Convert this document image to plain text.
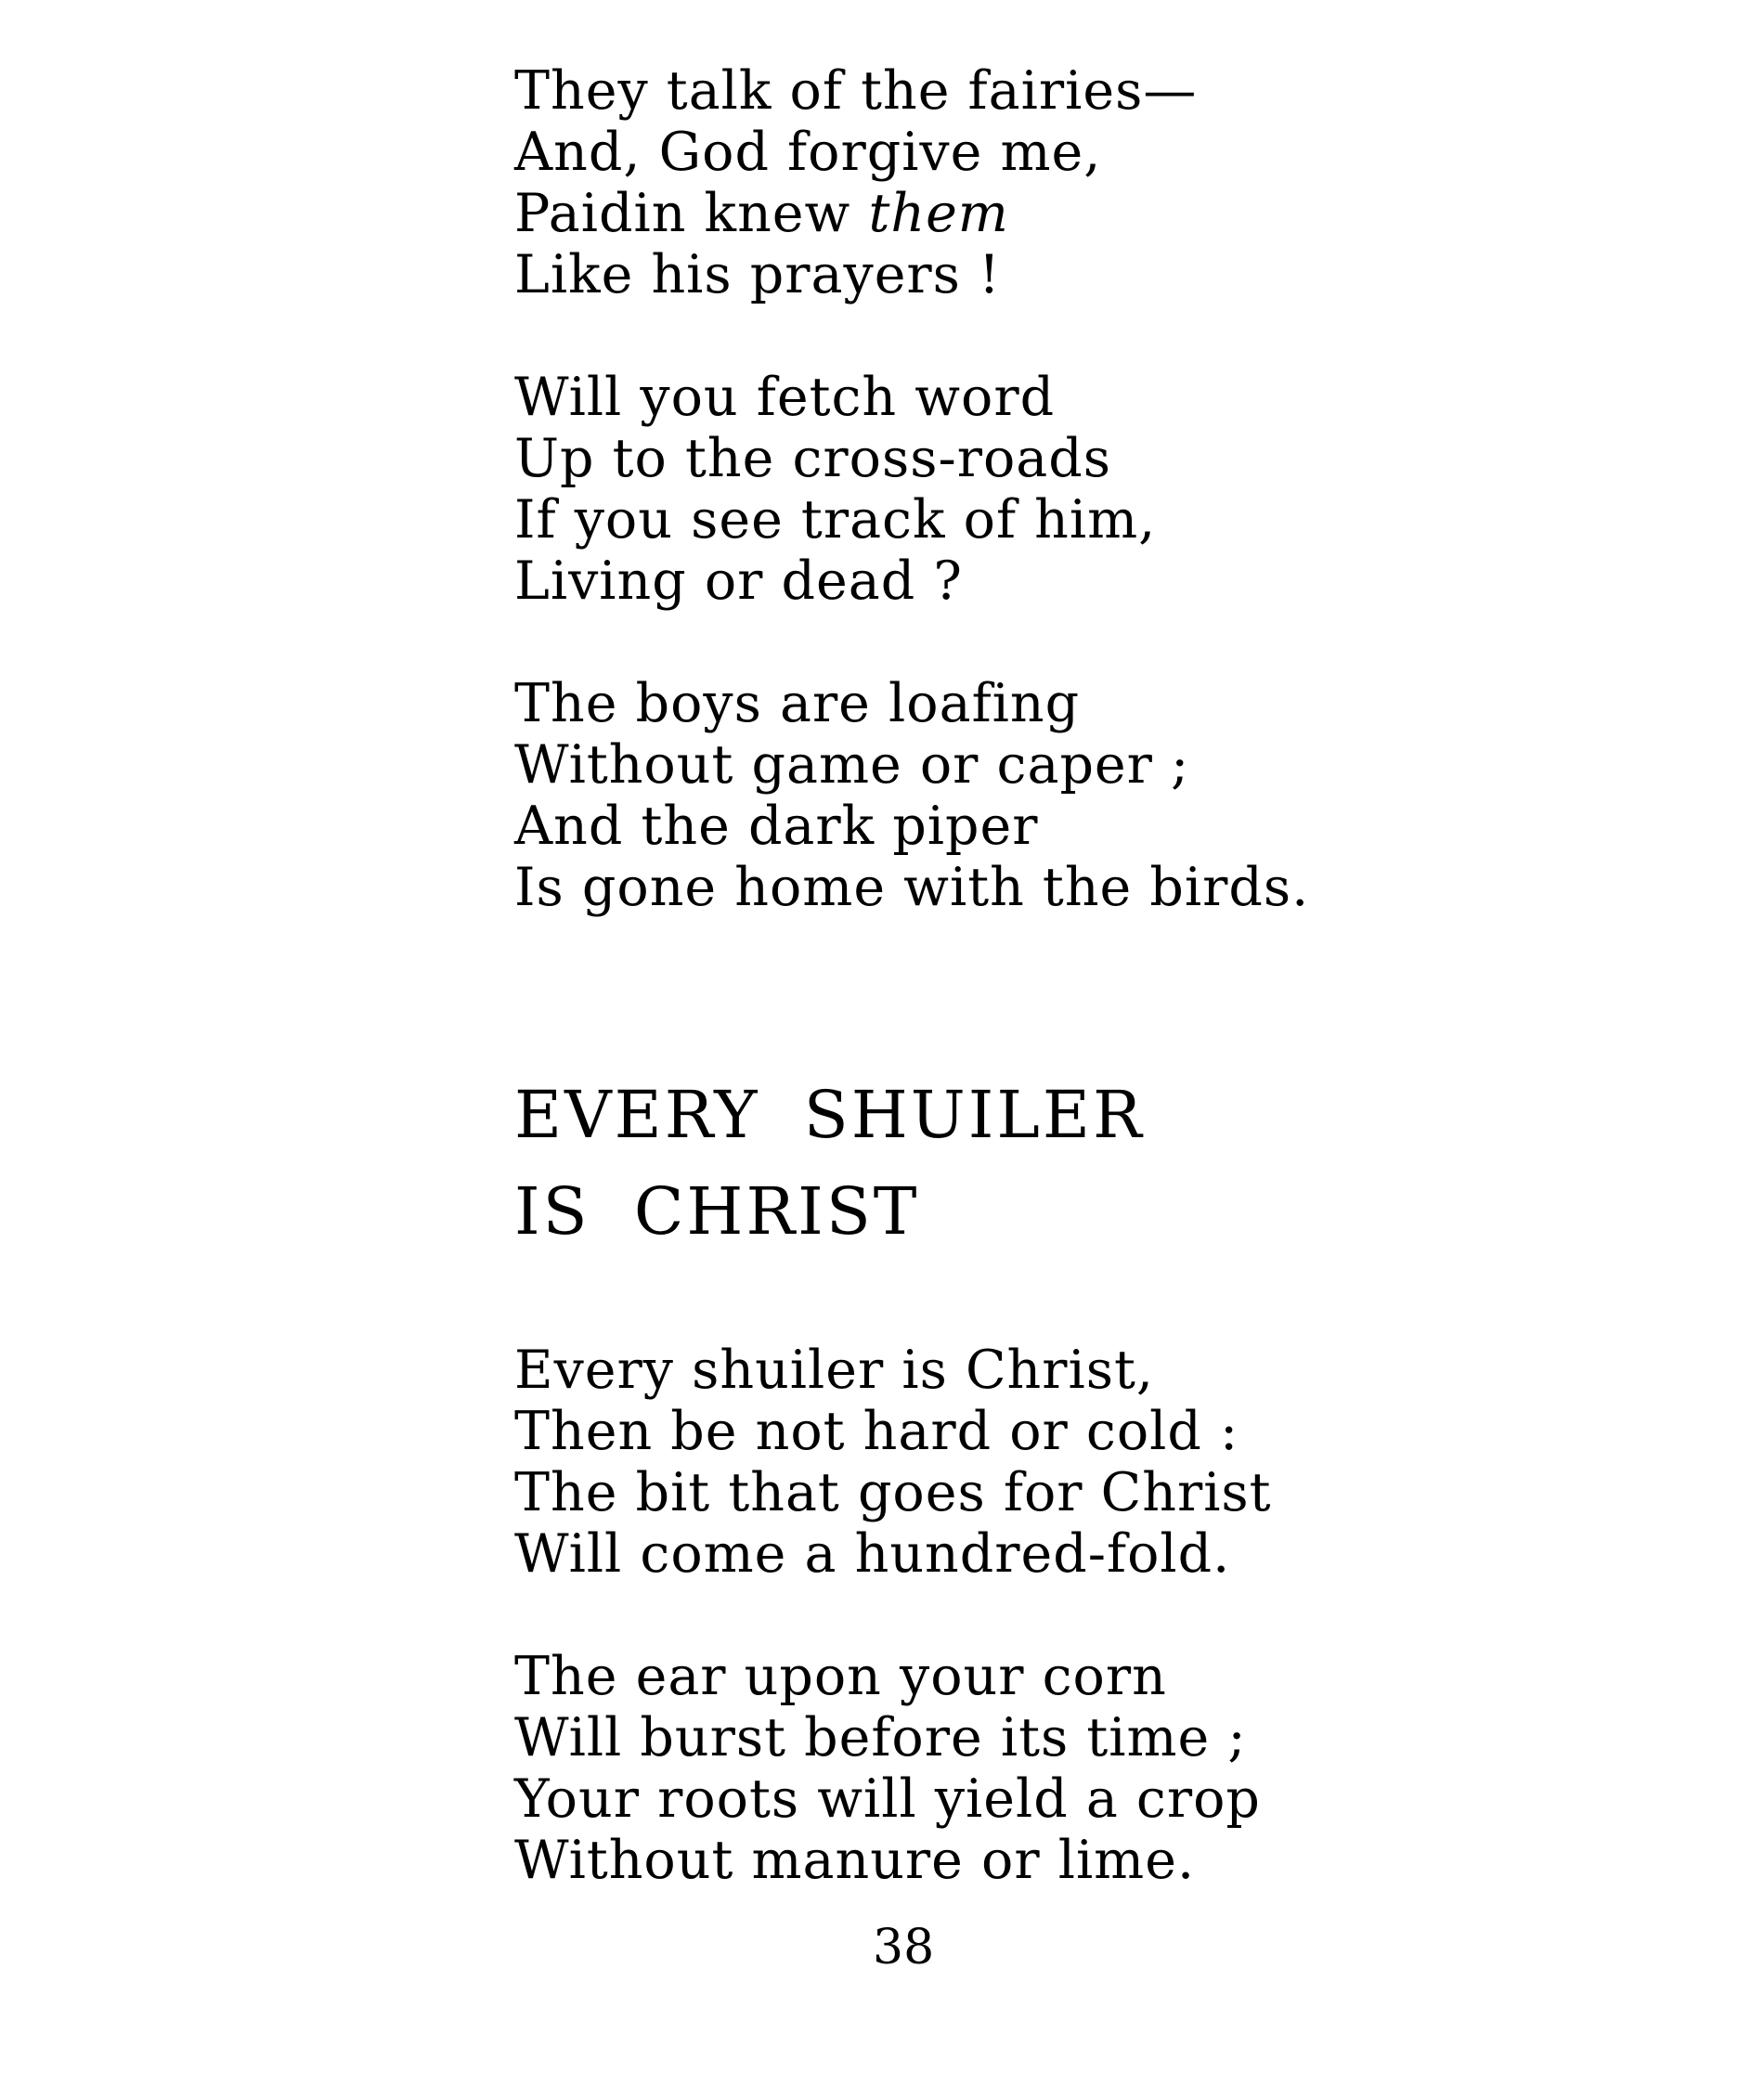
They talk of the fairies—
And, God forgive me,
Paidin knew them
Like his prayers !
Will you fetch word
Up to the cross-roads
If you see track of him,
Living or dead ?
The boys are loafing
Without game or caper ;
And the dark piper
Is gone home with the birds.
EVERY SHUILER
IS CHRIST
Every shuiler is Christ,
Then be not hard or cold :
The bit that goes for Christ
Will come a hundred-fold.
The ear upon your corn
Will burst before its time ;
Your roots will yield a crop
Without manure or lime.
38
